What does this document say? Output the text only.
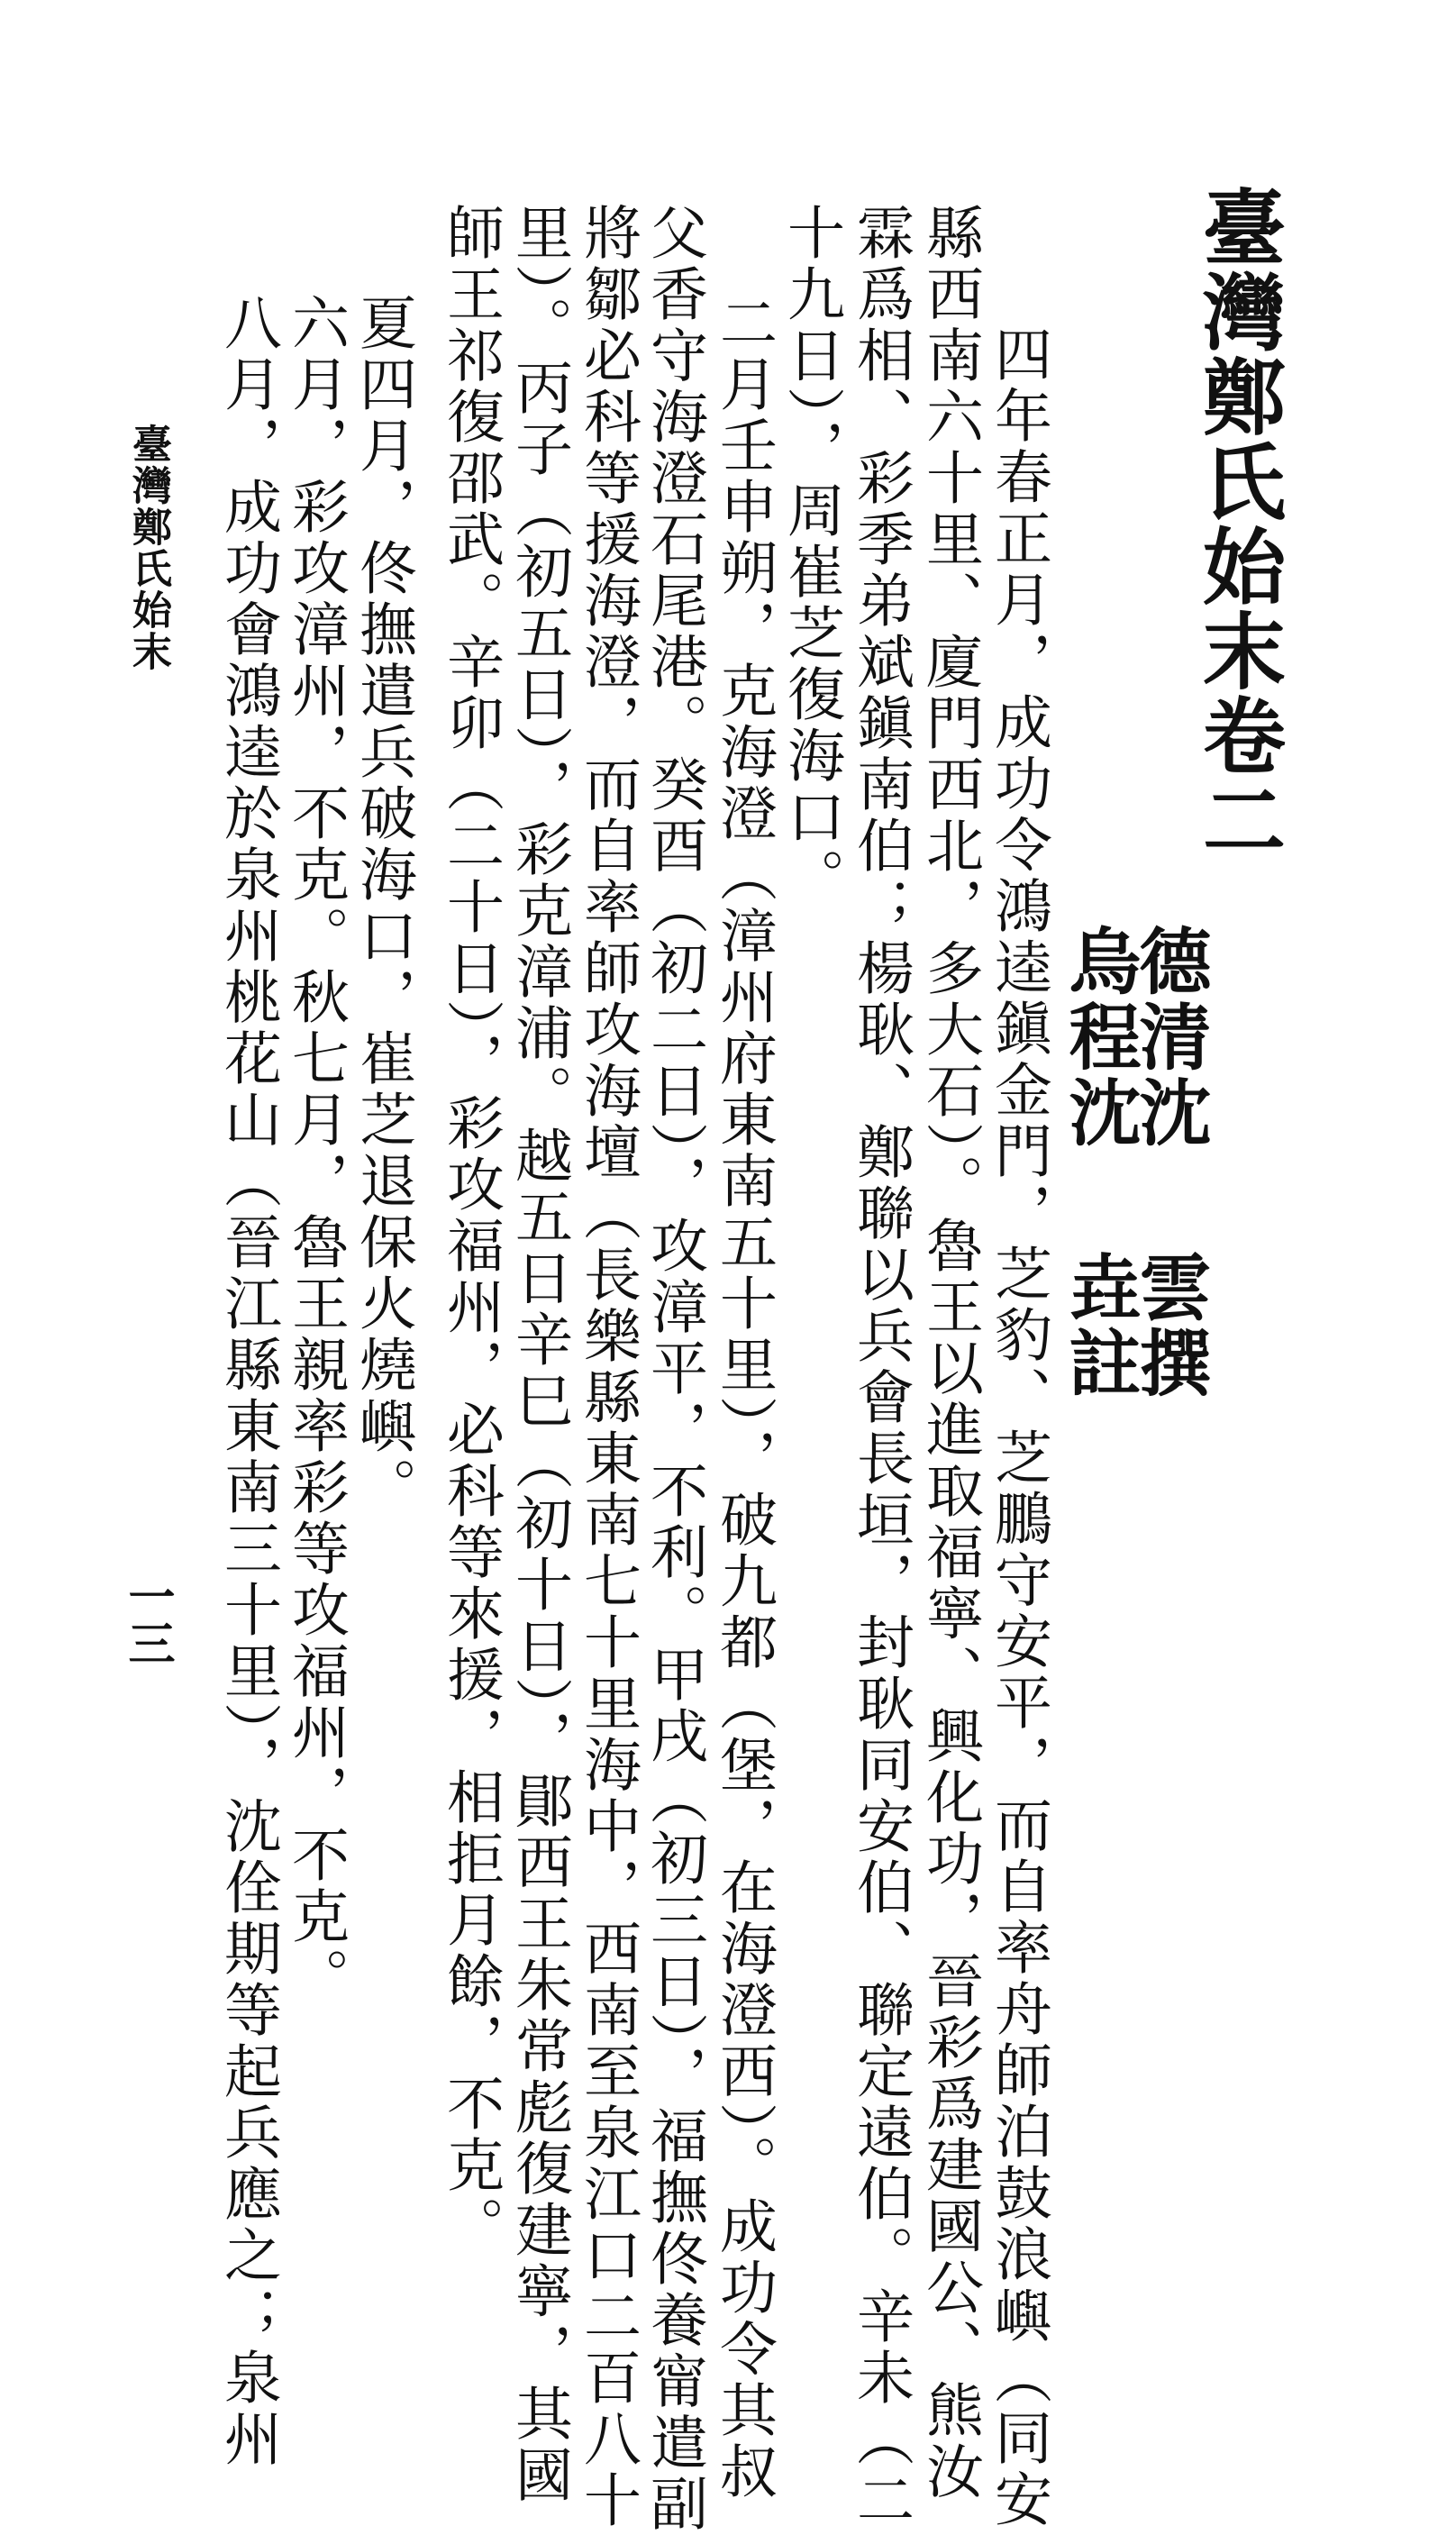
臺灣鄭氏始末卷二
德清沈雲撰
烏程沈垚註
四年春正月，成功令鴻逵鎭金門，芝豹、芝鵬守安平，而自率舟師泊鼓浪嶼（同安
縣西南六十里、廈門西北，多大石）。魯王以進取福寧、興化功，晉彩爲建國公、熊汝
霖爲相、彩季弟斌鎭南伯；楊耿、鄭聯以兵會長垣，封耿同安伯、聯定遠伯。辛未（二
十九日），周崔芝復海口。
二月壬申朔，克海澄（漳州府東南五十里），破九都（堡，在海澄西）。成功令其叔
父香守海澄石尾港。癸酉（初二日），攻漳平，不利。甲戌（初三日），福撫佟養甯遣副
將鄒必科等援海澄，而自率師攻海壇（長樂縣東南七十里海中，西南至泉江口二百八十
里）。丙子（初五日），彩克漳浦。越五日辛巳（初十日），鄖西王朱常彪復建寧，其國
師王祁復邵武。辛卯（二十日），彩攻福州，必科等來援，相拒月餘，不克。
夏四月，佟撫遣兵破海口，崔芝退保火燒嶼。
六月，彩攻漳州，不克。秋七月，魯王親率彩等攻福州，不克。
八月，成功會鴻逵於泉州桃花山（晉江縣東南三十里），沈佺期等起兵應之；泉州
臺灣鄭氏始末
一三
